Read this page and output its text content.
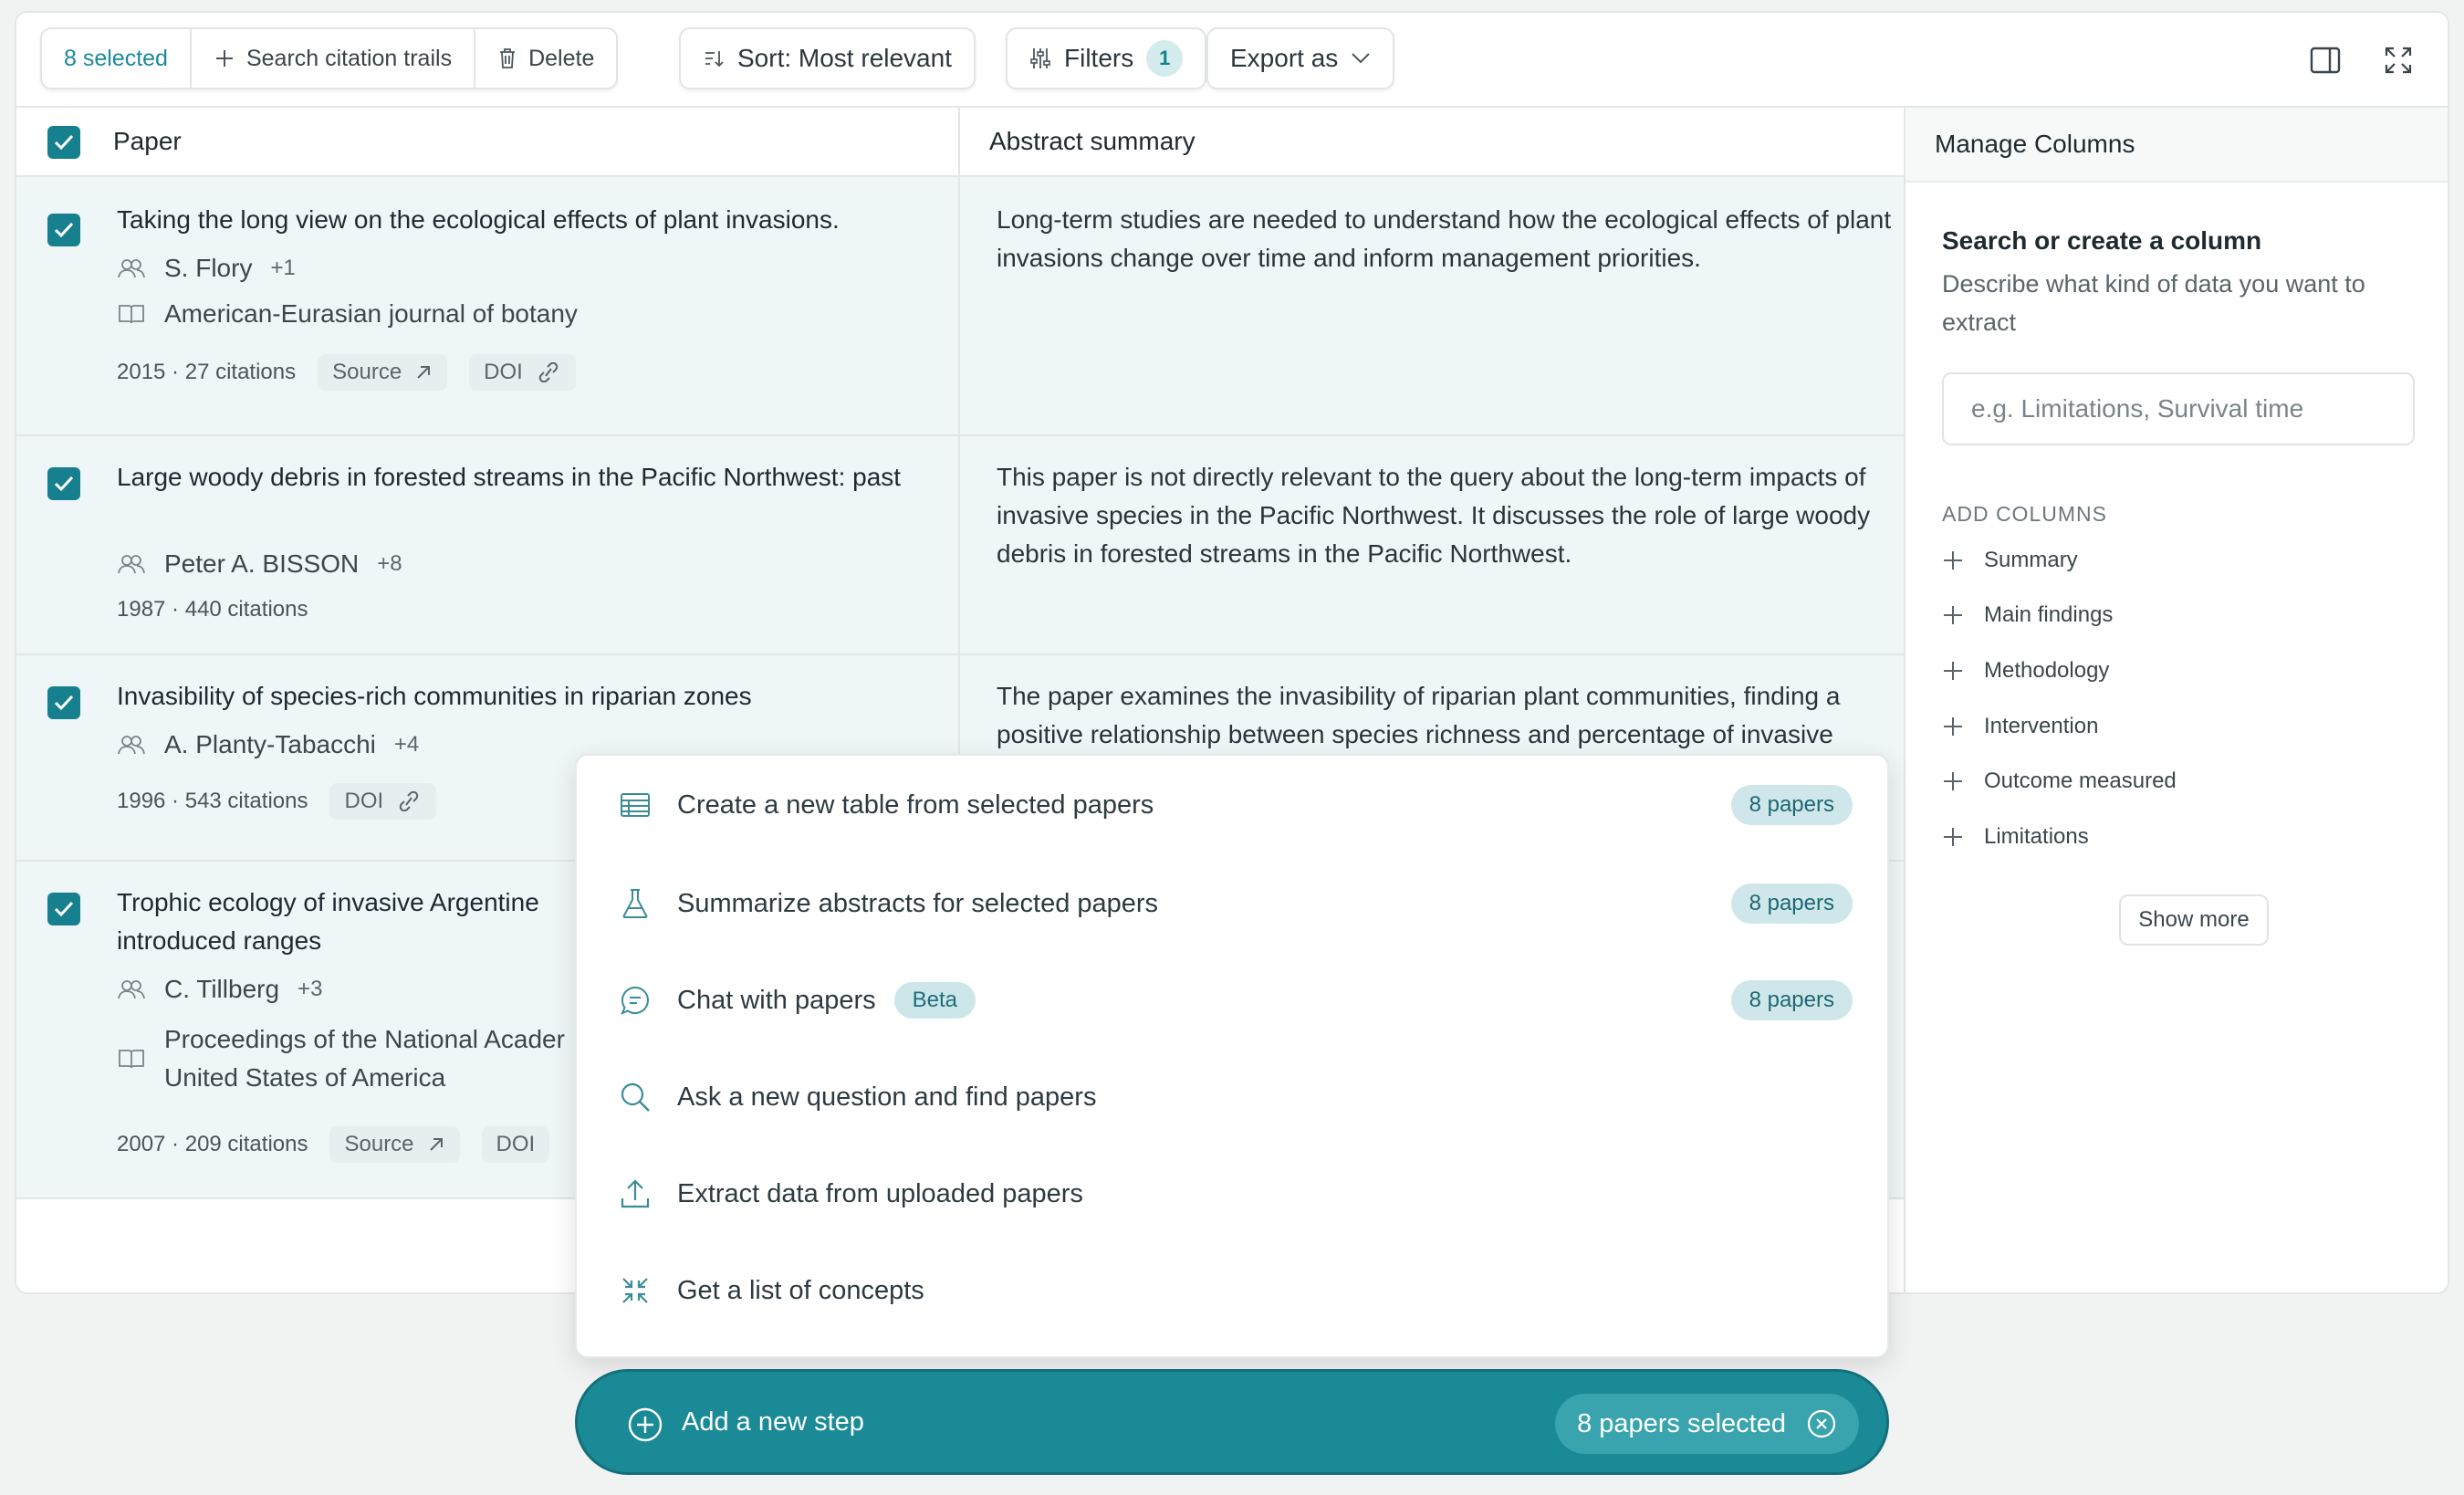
8 selected	Search citation trails	Delete	Sort: Most relevant	Filters	1	Export as
Paper	Abstract summary
Taking the long view on the ecological effects of plant invasions.
S. Flory +1
American-Eurasian journal of botany
2015 · 27 citations Source	DOI
Long-term studies are needed to understand how the ecological effects of plant invasions change over time and inform management priorities.
Large woody debris in forested streams in the Pacific Northwest: past
Peter A. BISSON +8
1987 · 440 citations
This paper is not directly relevant to the query about the long-term impacts of invasive species in the Pacific Northwest. It discusses the role of large woody debris in forested streams in the Pacific Northwest.
Invasibility of species-rich communities in riparian zones
A. Planty-Tabacchi +4
1996 · 543 citations DOI
The paper examines the invasibility of riparian plant communities, finding a positive relationship between species richness and percentage of invasive
Trophic ecology of invasive Argentine
introduced ranges
C. Tillberg +3
Proceedings of the National Acader
United States of America
2007 · 209 citations Source	DOI
Manage Columns
Search or create a column
Describe what kind of data you want to extract
e.g. Limitations, Survival time
ADD COLUMNS
Summary
Main findings
Methodology
Intervention
Outcome measured
Limitations
Show more
Create a new table from selected papers	8 papers
Summarize abstracts for selected papers	8 papers
Chat with papers	Beta	8 papers
Ask a new question and find papers
Extract data from uploaded papers
Get a list of concepts
Add a new step	8 papers selected
